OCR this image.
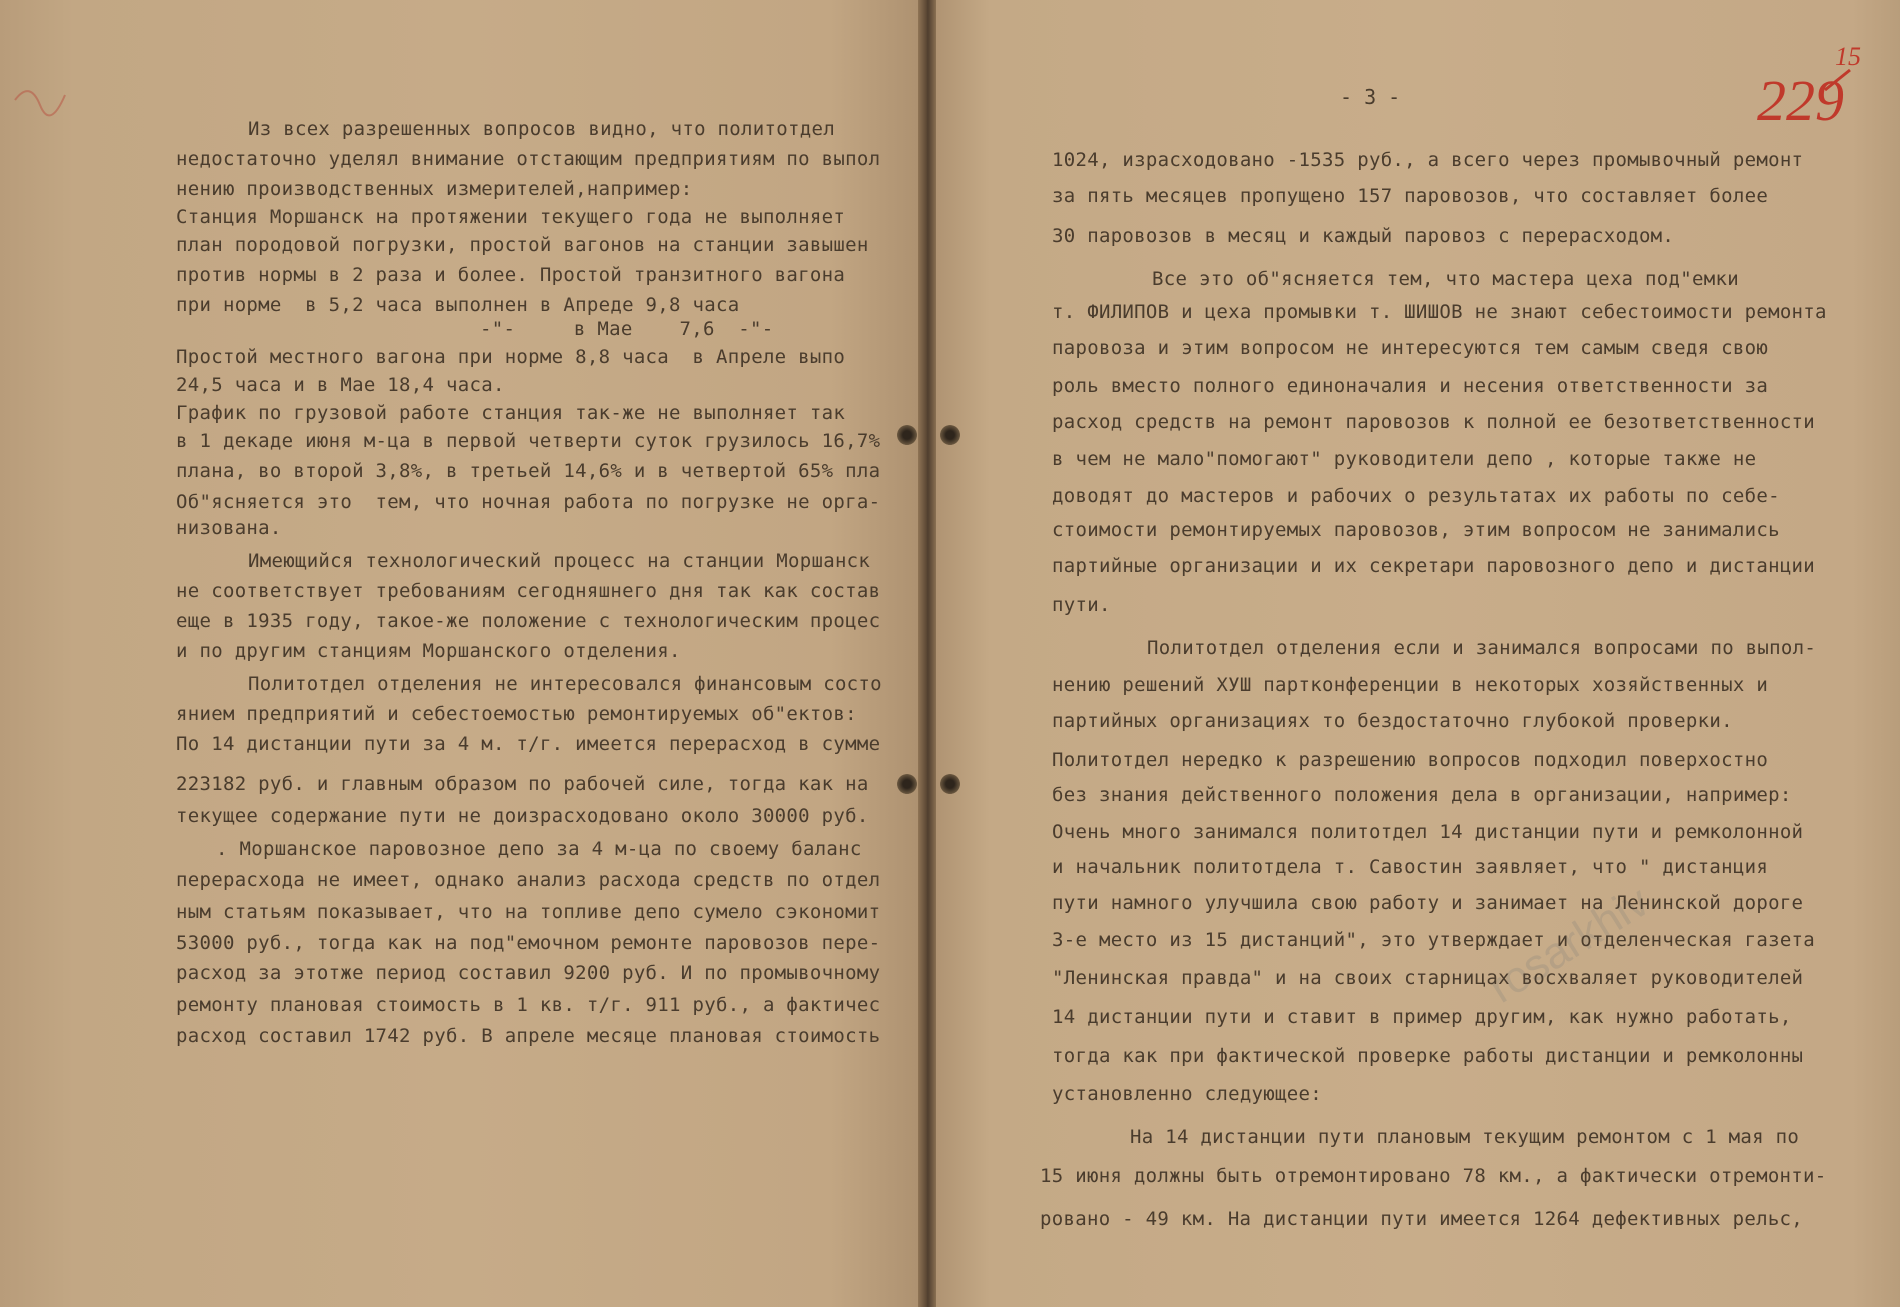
- 3 -	229
15
rosarkhiv
Из всех разрешенных вопросов видно, что политотдел
недостаточно уделял внимание отстающим предприятиям по выпол
нению производственных измерителей,например:
Станция Моршанск на протяжении текущего года не выполняет
план породовой погрузки, простой вагонов на станции завышен
против нормы в 2 раза и более. Простой транзитного вагона
при норме  в 5,2 часа выполнен в Апреде 9,8 часа
-"-     в Мае    7,6  -"-
Простой местного вагона при норме 8,8 часа  в Апреле выпо
24,5 часа и в Мае 18,4 часа.
График по грузовой работе станция так-же не выполняет так
в 1 декаде июня м-ца в первой четверти суток грузилось 16,7%
плана, во второй 3,8%, в третьей 14,6% и в четвертой 65% пла
Об"ясняется это  тем, что ночная работа по погрузке не орга-
низована.
Имеющийся технологический процесс на станции Моршанск
не соответствует требованиям сегодняшнего дня так как состав
еще в 1935 году, такое-же положение с технологическим процес
и по другим станциям Моршанского отделения.
Политотдел отделения не интересовался финансовым состо
янием предприятий и себестоемостью ремонтируемых об"ектов:
По 14 дистанции пути за 4 м. т/г. имеется перерасход в сумме
223182 руб. и главным образом по рабочей силе, тогда как на
текущее содержание пути не доизрасходовано около 30000 руб.
. Моршанское паровозное депо за 4 м-ца по своему баланс
перерасхода не имеет, однако анализ расхода средств по отдел
ным статьям показывает, что на топливе депо сумело сэкономит
53000 руб., тогда как на под"емочном ремонте паровозов пере-
расход за этотже период составил 9200 руб. И по промывочному
ремонту плановая стоимость в 1 кв. т/г. 911 руб., а фактичес
расход составил 1742 руб. В апреле месяце плановая стоимость
1024, израсходовано -1535 руб., а всего через промывочный ремонт
за пять месяцев пропущено 157 паровозов, что составляет более
30 паровозов в месяц и каждый паровоз с перерасходом.
Все это об"ясняется тем, что мастера цеха под"емки
т. ФИЛИПОВ и цеха промывки т. ШИШОВ не знают себестоимости ремонта
паровоза и этим вопросом не интересуются тем самым сведя свою
роль вместо полного единоначалия и несения ответственности за
расход средств на ремонт паровозов к полной ее безответственности
в чем не мало"помогают" руководители депо , которые также не
доводят до мастеров и рабочих о результатах их работы по себе-
стоимости ремонтируемых паровозов, этим вопросом не занимались
партийные организации и их секретари паровозного депо и дистанции
пути.
Политотдел отделения если и занимался вопросами по выпол-
нению решений ХУШ партконференции в некоторых хозяйственных и
партийных организациях то бездостаточно глубокой проверки.
Политотдел нередко к разрешению вопросов подходил поверхостно
без знания действенного положения дела в организации, например:
Очень много занимался политотдел 14 дистанции пути и ремколонной
и начальник политотдела т. Савостин заявляет, что " дистанция
пути намного улучшила свою работу и занимает на Ленинской дороге
3-е место из 15 дистанций", это утверждает и отделенческая газета
"Ленинская правда" и на своих старницах восхваляет руководителей
14 дистанции пути и ставит в пример другим, как нужно работать,
тогда как при фактической проверке работы дистанции и ремколонны
установленно следующее:
На 14 дистанции пути плановым текущим ремонтом с 1 мая по
15 июня должны быть отремонтировано 78 км., а фактически отремонти-
ровано - 49 км. На дистанции пути имеется 1264 дефективных рельс,
